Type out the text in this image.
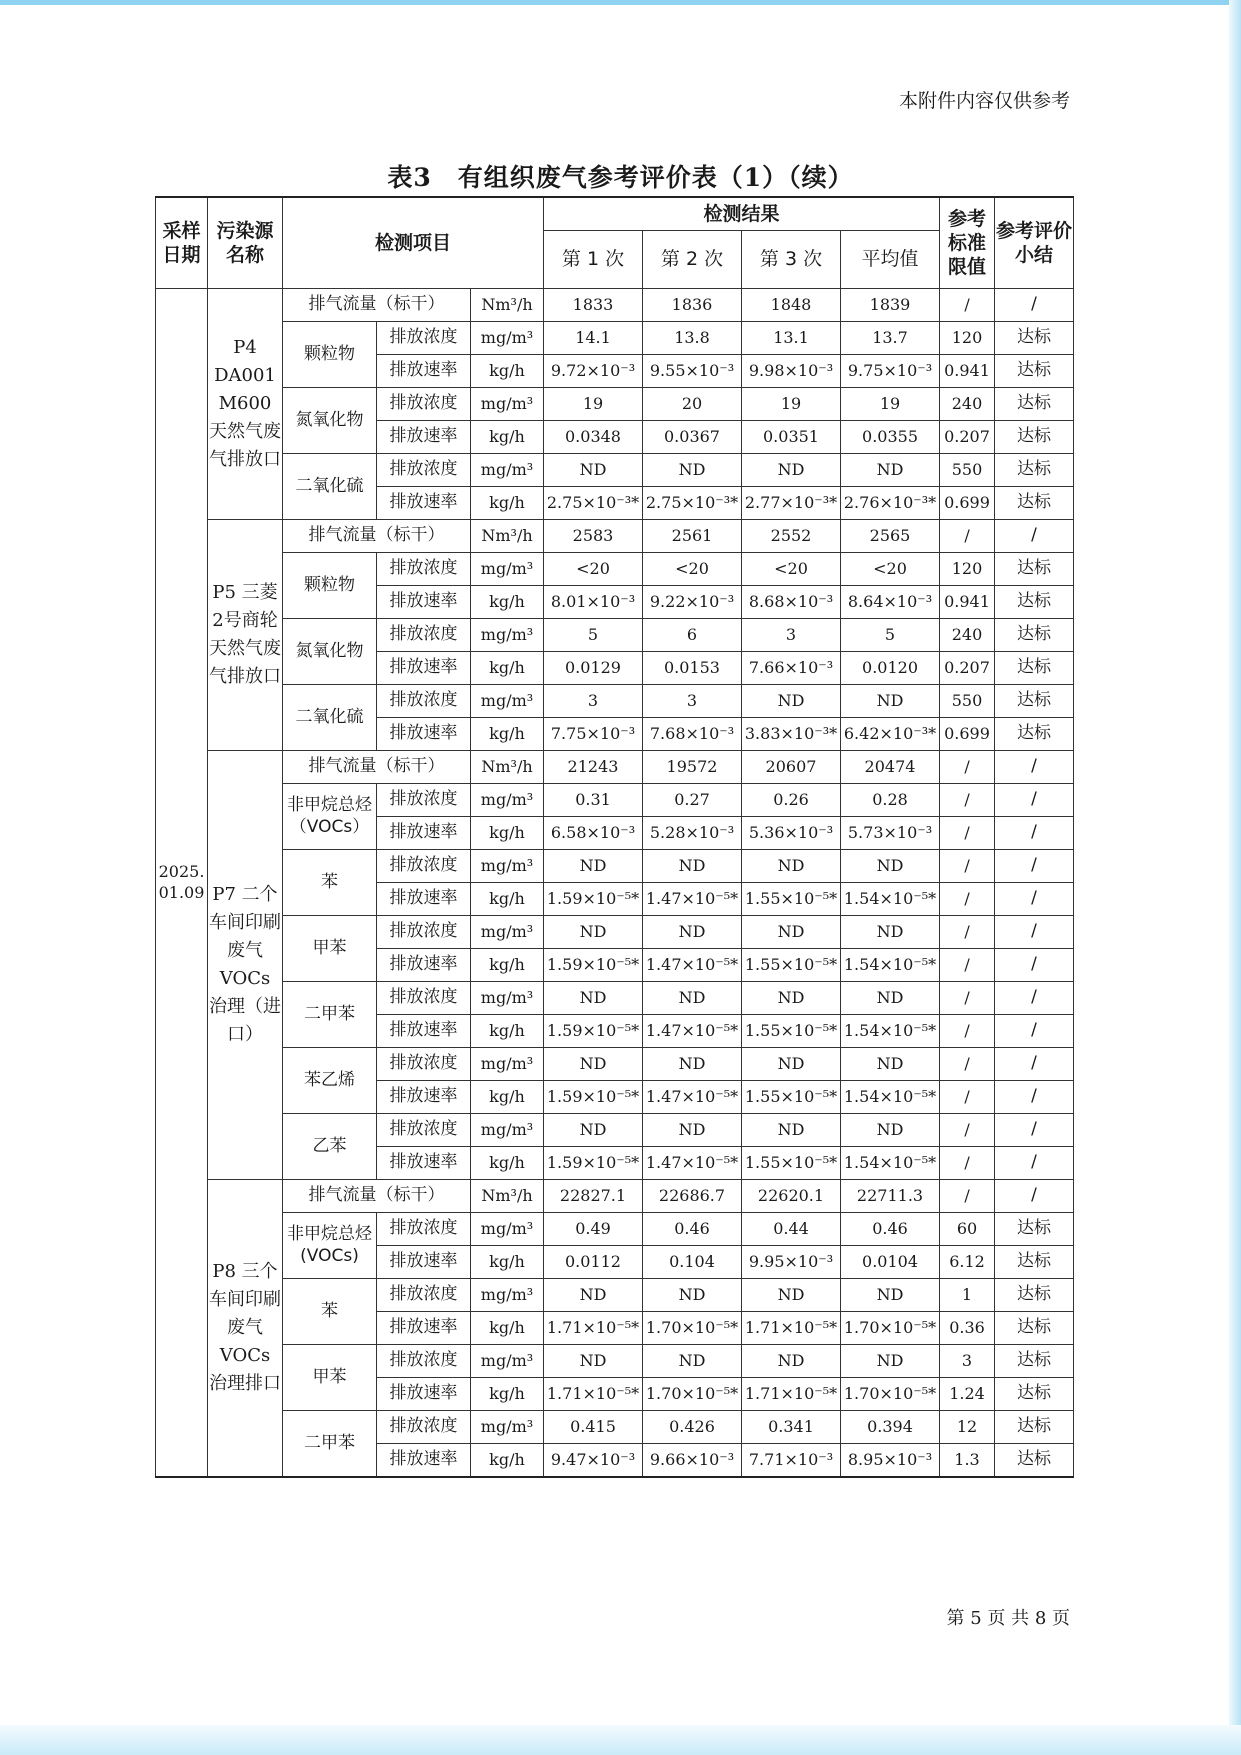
本附件内容仅供参考
表3　有组织废气参考评价表（1）（续）
采样日期	污染源名称	检测项目			检测结果				参考标准限值	参考评价小结
					第 1 次	第 2 次	第 3 次	平均值		
2025.01.09	P4 DA001 M600 天然气废气排放口	排气流量（标干）		Nm³/h	1833	1836	1848	1839	/	/
		颗粒物	排放浓度	mg/m³	14.1	13.8	13.1	13.7	120	达标
			排放速率	kg/h	9.72×10⁻³	9.55×10⁻³	9.98×10⁻³	9.75×10⁻³	0.941	达标
		氮氧化物	排放浓度	mg/m³	19	20	19	19	240	达标
			排放速率	kg/h	0.0348	0.0367	0.0351	0.0355	0.207	达标
		二氧化硫	排放浓度	mg/m³	ND	ND	ND	ND	550	达标
			排放速率	kg/h	2.75×10⁻³*	2.75×10⁻³*	2.77×10⁻³*	2.76×10⁻³*	0.699	达标
	P5 三菱2号商轮天然气废气排放口	排气流量（标干）		Nm³/h	2583	2561	2552	2565	/	/
		颗粒物	排放浓度	mg/m³	<20	<20	<20	<20	120	达标
			排放速率	kg/h	8.01×10⁻³	9.22×10⁻³	8.68×10⁻³	8.64×10⁻³	0.941	达标
		氮氧化物	排放浓度	mg/m³	5	6	3	5	240	达标
			排放速率	kg/h	0.0129	0.0153	7.66×10⁻³	0.0120	0.207	达标
		二氧化硫	排放浓度	mg/m³	3	3	ND	ND	550	达标
			排放速率	kg/h	7.75×10⁻³	7.68×10⁻³	3.83×10⁻³*	6.42×10⁻³*	0.699	达标
	P7 二个车间印刷废气 VOCs 治理（进口）	排气流量（标干）		Nm³/h	21243	19572	20607	20474	/	/
		非甲烷总烃（VOCs）	排放浓度	mg/m³	0.31	0.27	0.26	0.28	/	/
			排放速率	kg/h	6.58×10⁻³	5.28×10⁻³	5.36×10⁻³	5.73×10⁻³	/	/
		苯	排放浓度	mg/m³	ND	ND	ND	ND	/	/
			排放速率	kg/h	1.59×10⁻⁵*	1.47×10⁻⁵*	1.55×10⁻⁵*	1.54×10⁻⁵*	/	/
		甲苯	排放浓度	mg/m³	ND	ND	ND	ND	/	/
			排放速率	kg/h	1.59×10⁻⁵*	1.47×10⁻⁵*	1.55×10⁻⁵*	1.54×10⁻⁵*	/	/
		二甲苯	排放浓度	mg/m³	ND	ND	ND	ND	/	/
			排放速率	kg/h	1.59×10⁻⁵*	1.47×10⁻⁵*	1.55×10⁻⁵*	1.54×10⁻⁵*	/	/
		苯乙烯	排放浓度	mg/m³	ND	ND	ND	ND	/	/
			排放速率	kg/h	1.59×10⁻⁵*	1.47×10⁻⁵*	1.55×10⁻⁵*	1.54×10⁻⁵*	/	/
		乙苯	排放浓度	mg/m³	ND	ND	ND	ND	/	/
			排放速率	kg/h	1.59×10⁻⁵*	1.47×10⁻⁵*	1.55×10⁻⁵*	1.54×10⁻⁵*	/	/
	P8 三个车间印刷废气 VOCs 治理排口	排气流量（标干）		Nm³/h	22827.1	22686.7	22620.1	22711.3	/	/
		非甲烷总烃(VOCs)	排放浓度	mg/m³	0.49	0.46	0.44	0.46	60	达标
			排放速率	kg/h	0.0112	0.104	9.95×10⁻³	0.0104	6.12	达标
		苯	排放浓度	mg/m³	ND	ND	ND	ND	1	达标
			排放速率	kg/h	1.71×10⁻⁵*	1.70×10⁻⁵*	1.71×10⁻⁵*	1.70×10⁻⁵*	0.36	达标
		甲苯	排放浓度	mg/m³	ND	ND	ND	ND	3	达标
			排放速率	kg/h	1.71×10⁻⁵*	1.70×10⁻⁵*	1.71×10⁻⁵*	1.70×10⁻⁵*	1.24	达标
		二甲苯	排放浓度	mg/m³	0.415	0.426	0.341	0.394	12	达标
			排放速率	kg/h	9.47×10⁻³	9.66×10⁻³	7.71×10⁻³	8.95×10⁻³	1.3	达标
第 5 页 共 8 页
